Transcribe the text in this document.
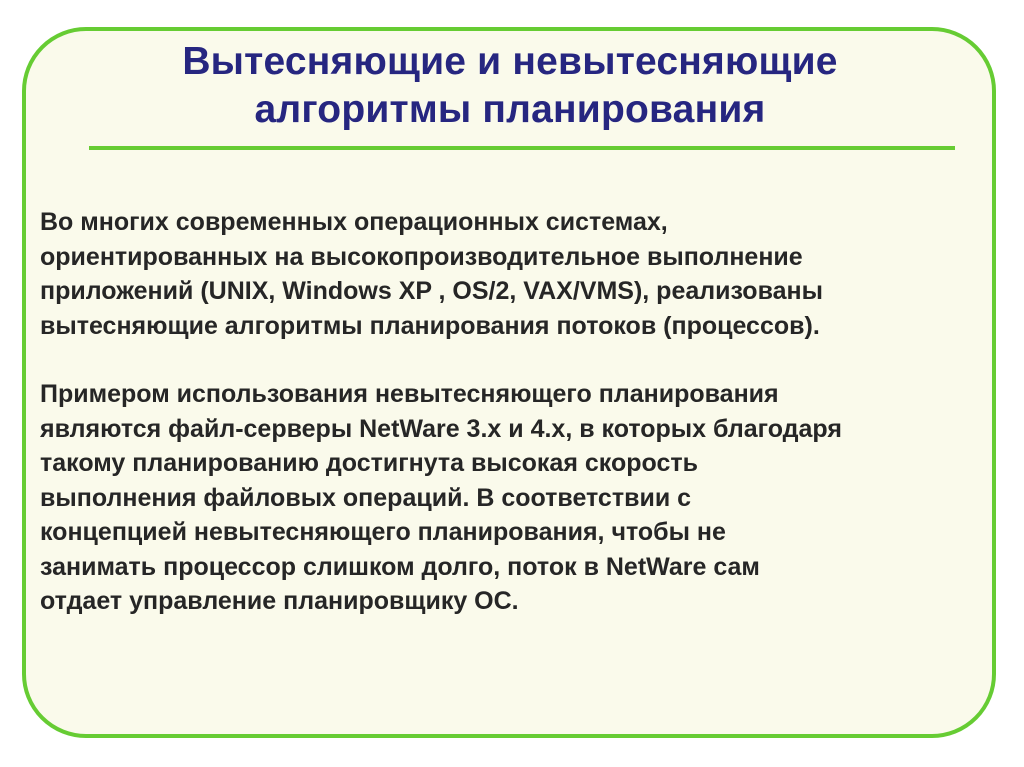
Вытесняющие и невытесняющие
алгоритмы планирования

Во многих современных операционных системах,
ориентированных на высокопроизводительное выполнение
приложений (UNIX, Windows XP , OS/2, VAX/VMS), реализованы
вытесняющие алгоритмы планирования потоков (процессов).

Примером использования невытесняющего планирования
являются файл-серверы NetWare 3.x и 4.x, в которых благодаря
такому планированию достигнута высокая скорость
выполнения файловых операций. В соответствии с
концепцией невытесняющего планирования, чтобы не
занимать процессор слишком долго, поток в NetWare сам
отдает управление планировщику ОС.
